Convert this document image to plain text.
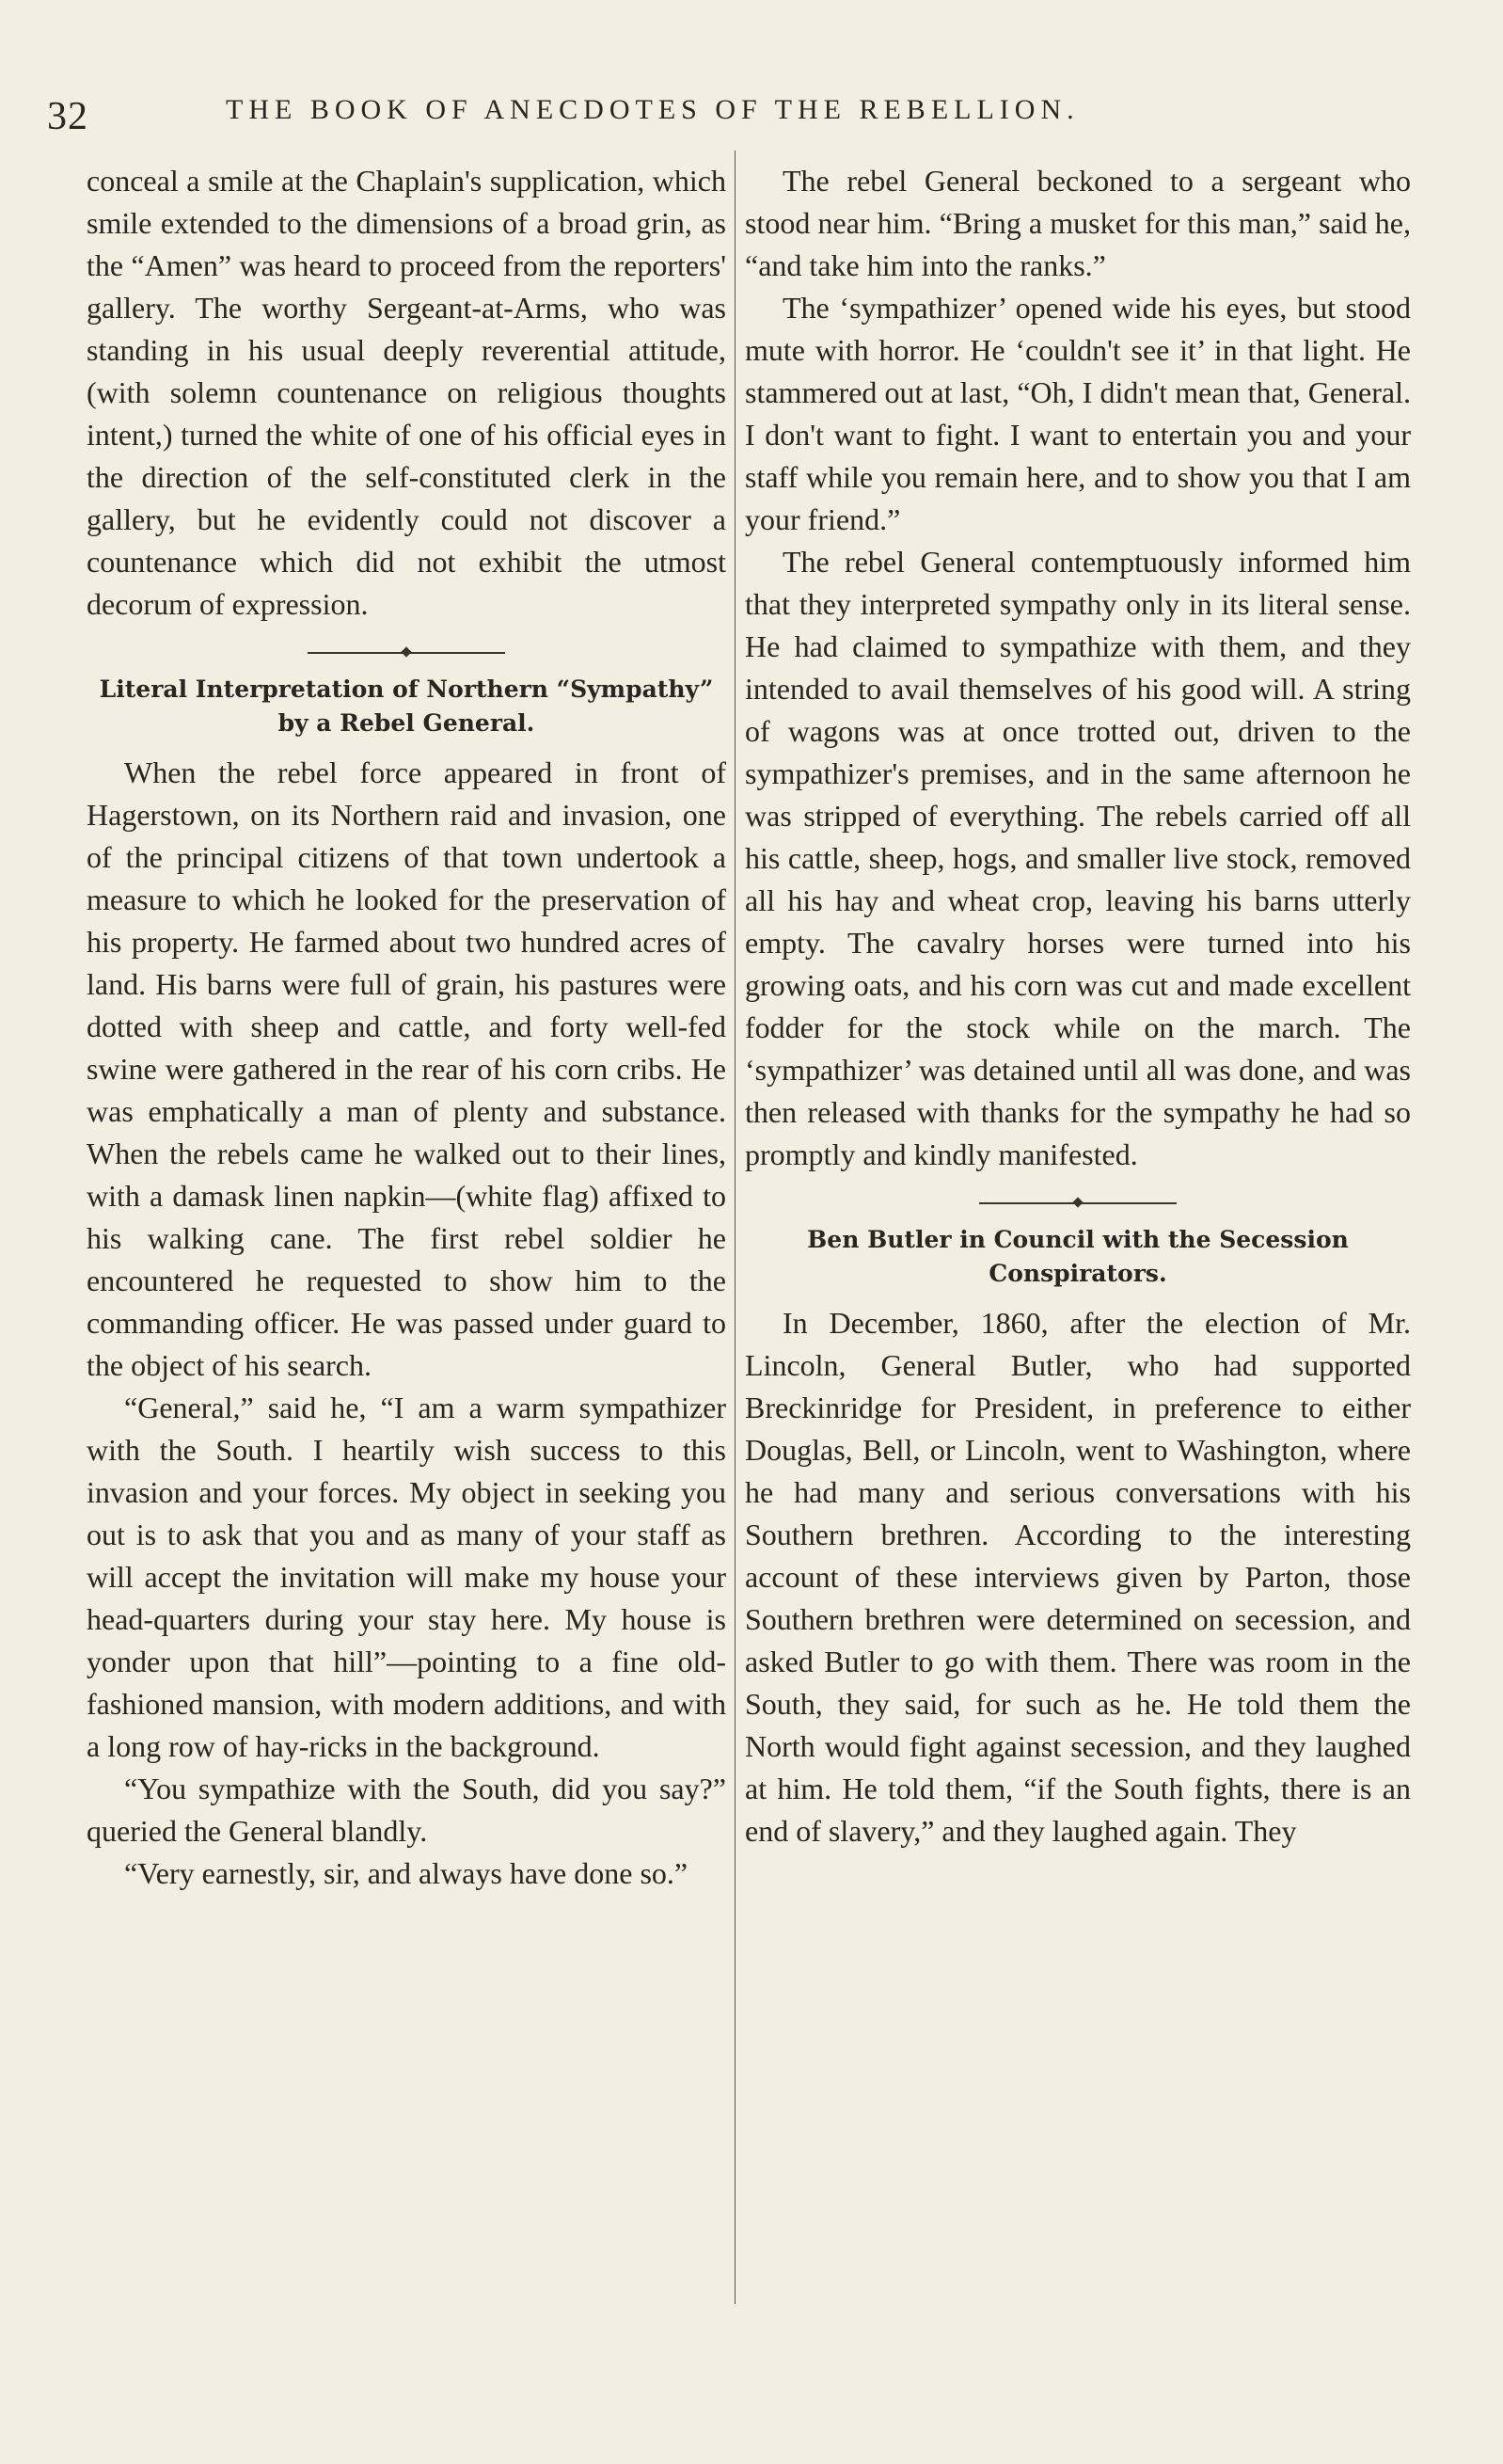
32	THE BOOK OF ANECDOTES OF THE REBELLION.

conceal a smile at the Chaplain's supplication, which smile extended to the dimensions of a broad grin, as the “Amen” was heard to proceed from the reporters' gallery. The worthy Sergeant-at-Arms, who was standing in his usual deeply reverential attitude, (with solemn countenance on religious thoughts intent,) turned the white of one of his official eyes in the direction of the self-constituted clerk in the gallery, but he evidently could not discover a countenance which did not exhibit the utmost decorum of expression.

Literal Interpretation of Northern “Sympathy” by a Rebel General.

When the rebel force appeared in front of Hagerstown, on its Northern raid and invasion, one of the principal citizens of that town undertook a measure to which he looked for the preservation of his property. He farmed about two hundred acres of land. His barns were full of grain, his pastures were dotted with sheep and cattle, and forty well-fed swine were gathered in the rear of his corn cribs. He was emphatically a man of plenty and substance. When the rebels came he walked out to their lines, with a damask linen napkin—(white flag) affixed to his walking cane. The first rebel soldier he encountered he requested to show him to the commanding officer. He was passed under guard to the object of his search.

“General,” said he, “I am a warm sympathizer with the South. I heartily wish success to this invasion and your forces. My object in seeking you out is to ask that you and as many of your staff as will accept the invitation will make my house your head-quarters during your stay here. My house is yonder upon that hill”—pointing to a fine old-fashioned mansion, with modern additions, and with a long row of hay-ricks in the background.

“You sympathize with the South, did you say?” queried the General blandly.

“Very earnestly, sir, and always have done so.”

The rebel General beckoned to a sergeant who stood near him. “Bring a musket for this man,” said he, “and take him into the ranks.”

The ‘sympathizer’ opened wide his eyes, but stood mute with horror. He ‘couldn't see it’ in that light. He stammered out at last, “Oh, I didn't mean that, General. I don't want to fight. I want to entertain you and your staff while you remain here, and to show you that I am your friend.”

The rebel General contemptuously informed him that they interpreted sympathy only in its literal sense. He had claimed to sympathize with them, and they intended to avail themselves of his good will. A string of wagons was at once trotted out, driven to the sympathizer's premises, and in the same afternoon he was stripped of everything. The rebels carried off all his cattle, sheep, hogs, and smaller live stock, removed all his hay and wheat crop, leaving his barns utterly empty. The cavalry horses were turned into his growing oats, and his corn was cut and made excellent fodder for the stock while on the march. The ‘sympathizer’ was detained until all was done, and was then released with thanks for the sympathy he had so promptly and kindly manifested.

Ben Butler in Council with the Secession Conspirators.

In December, 1860, after the election of Mr. Lincoln, General Butler, who had supported Breckinridge for President, in preference to either Douglas, Bell, or Lincoln, went to Washington, where he had many and serious conversations with his Southern brethren. According to the interesting account of these interviews given by Parton, those Southern brethren were determined on secession, and asked Butler to go with them. There was room in the South, they said, for such as he. He told them the North would fight against secession, and they laughed at him. He told them, “if the South fights, there is an end of slavery,” and they laughed again. They
